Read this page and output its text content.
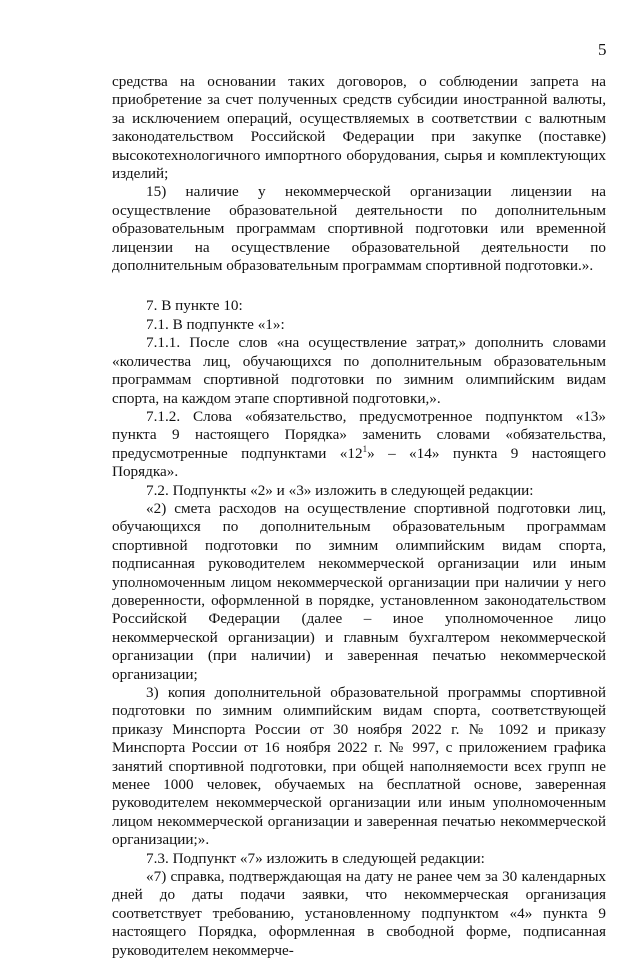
5

средства на основании таких договоров, о соблюдении запрета на приобретение за счет полученных средств субсидии иностранной валюты, за исключением операций, осуществляемых в соответствии с валютным законодательством Российской Федерации при закупке (поставке) высокотехнологичного импортного оборудования, сырья и комплектующих изделий;

15) наличие у некоммерческой организации лицензии на осуществление образовательной деятельности по дополнительным образовательным программам спортивной подготовки или временной лицензии на осуществление образовательной деятельности по дополнительным образовательным программам спортивной подготовки.».

7. В пункте 10:

7.1. В подпункте «1»:

7.1.1. После слов «на осуществление затрат,» дополнить словами «количества лиц, обучающихся по дополнительным образовательным программам спортивной подготовки по зимним олимпийским видам спорта, на каждом этапе спортивной подготовки,».

7.1.2. Слова «обязательство, предусмотренное подпунктом «13» пункта 9 настоящего Порядка» заменить словами «обязательства, предусмотренные подпунктами «$12^1$» – «14» пункта 9 настоящего Порядка».

7.2. Подпункты «2» и «3» изложить в следующей редакции:

«2) смета расходов на осуществление спортивной подготовки лиц, обучающихся по дополнительным образовательным программам спортивной подготовки по зимним олимпийским видам спорта, подписанная руководителем некоммерческой организации или иным уполномоченным лицом некоммерческой организации при наличии у него доверенности, оформленной в порядке, установленном законодательством Российской Федерации (далее – иное уполномоченное лицо некоммерческой организации) и главным бухгалтером некоммерческой организации (при наличии) и заверенная печатью некоммерческой организации;

3) копия дополнительной образовательной программы спортивной подготовки по зимним олимпийским видам спорта, соответствующей приказу Минспорта России от 30 ноября 2022 г. № 1092 и приказу Минспорта России от 16 ноября 2022 г. № 997, с приложением графика занятий спортивной подготовки, при общей наполняемости всех групп не менее 1000 человек, обучаемых на бесплатной основе, заверенная руководителем некоммерческой организации или иным уполномоченным лицом некоммерческой организации и заверенная печатью некоммерческой организации;».

7.3. Подпункт «7» изложить в следующей редакции:

«7) справка, подтверждающая на дату не ранее чем за 30 календарных дней до даты подачи заявки, что некоммерческая организация соответствует требованию, установленному подпунктом «4» пункта 9 настоящего Порядка, оформленная в свободной форме, подписанная руководителем некоммерче-
